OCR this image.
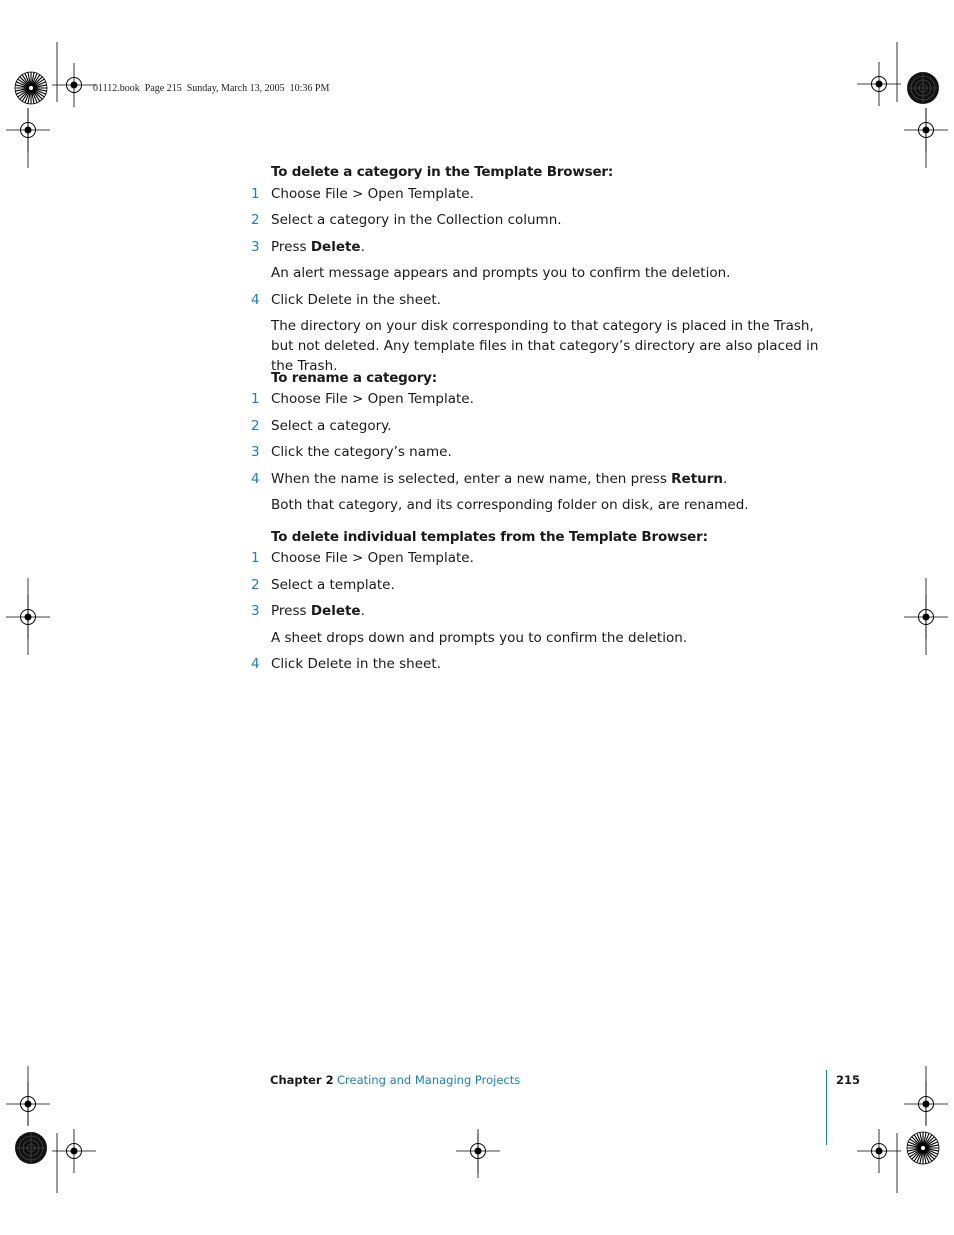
01112.book  Page 215  Sunday, March 13, 2005  10:36 PM
To delete a category in the Template Browser:
1 Choose File > Open Template.
2 Select a category in the Collection column.
3 Press Delete.
An alert message appears and prompts you to confirm the deletion.
4 Click Delete in the sheet.
The directory on your disk corresponding to that category is placed in the Trash, but not deleted. Any template files in that category’s directory are also placed in the Trash.
To rename a category:
1 Choose File > Open Template.
2 Select a category.
3 Click the category’s name.
4 When the name is selected, enter a new name, then press Return.
Both that category, and its corresponding folder on disk, are renamed.
To delete individual templates from the Template Browser:
1 Choose File > Open Template.
2 Select a template.
3 Press Delete.
A sheet drops down and prompts you to confirm the deletion.
4 Click Delete in the sheet.
Chapter 2 Creating and Managing Projects	215
